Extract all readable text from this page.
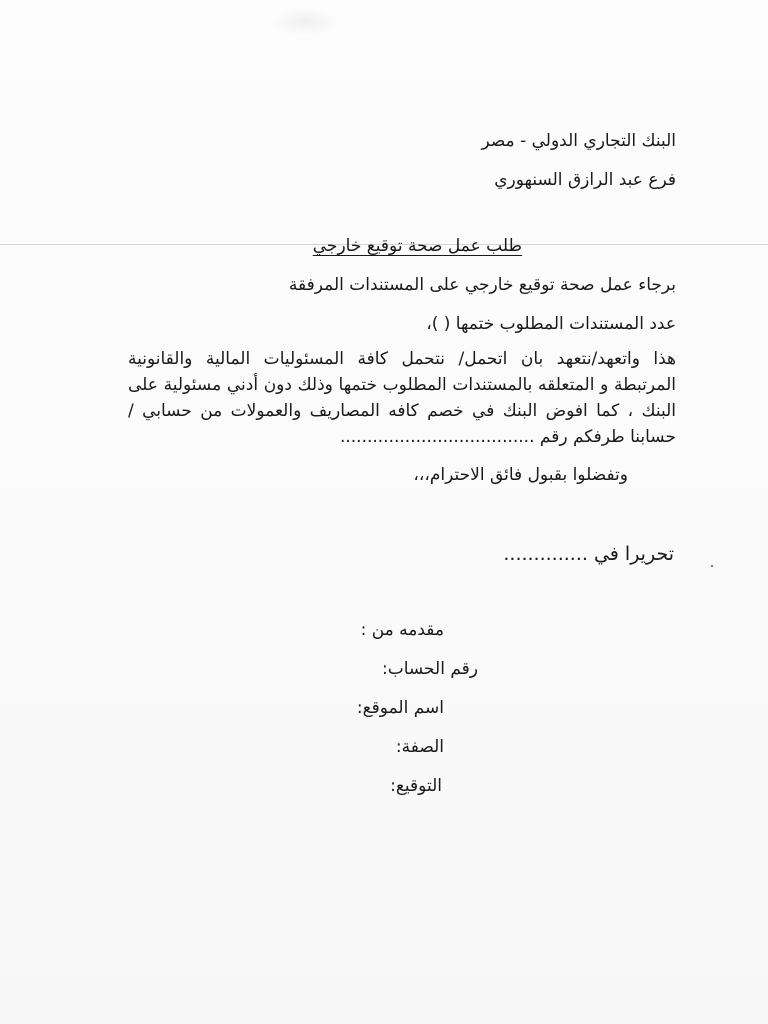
البنك التجاري الدولي - مصر
فرع عبد الرازق السنهوري
طلب عمل صحة توقيع خارجي
برجاء عمل صحة توقيع خارجي على المستندات المرفقة
عدد المستندات المطلوب ختمها ( )،
هذا واتعهد/نتعهد بان اتحمل/ نتحمل كافة المسئوليات المالية والقانونية المرتبطة و المتعلقه بالمستندات المطلوب ختمها وذلك دون أدني مسئولية على البنك ، كما افوض البنك في خصم كافه المصاريف والعمولات من حسابي / حسابنا طرفكم رقم ....................................
وتفضلوا بقبول فائق الاحترام،،،
تحريرا في ..............
مقدمه من :
رقم الحساب:
اسم الموقع:
الصفة:
التوقيع:
